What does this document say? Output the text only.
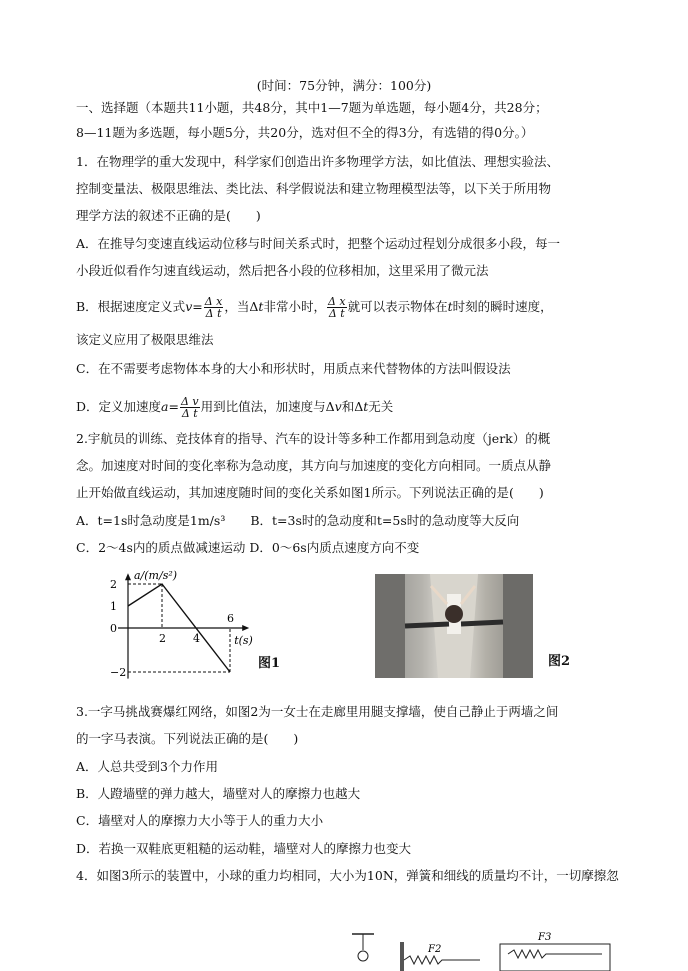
(时间：75分钟，满分：100分)
一、选择题（本题共11小题，共48分，其中1—7题为单选题，每小题4分，共28分；
8—11题为多选题，每小题5分，共20分，选对但不全的得3分，有选错的得0分。）
1．在物理学的重大发现中，科学家们创造出许多物理学方法，如比值法、理想实验法、
控制变量法、极限思维法、类比法、科学假说法和建立物理模型法等，以下关于所用物
理学方法的叙述不正确的是(　　)
A．在推导匀变速直线运动位移与时间关系式时，把整个运动过程划分成很多小段，每一
小段近似看作匀速直线运动，然后把各小段的位移相加，这里采用了微元法
B．根据速度定义式$v= \frac{\text{Δ x}}{\text{Δ t}}$ ，当Δt非常小时， $\frac{\text{Δ x}}{\text{Δ t}}$ 就可以表示物体在t时刻的瞬时速度，
该定义应用了极限思维法
C．在不需要考虑物体本身的大小和形状时，用质点来代替物体的方法叫假设法
D．定义加速度$a= \frac{\text{Δ v}}{\text{Δ t}}$ 用到比值法，加速度与Δv和Δt无关
2.宇航员的训练、竞技体育的指导、汽车的设计等多种工作都用到急动度（jerk）的概
念。加速度对时间的变化率称为急动度，其方向与加速度的变化方向相同。一质点从静
止开始做直线运动，其加速度随时间的变化关系如图1所示。下列说法正确的是(　　)
A．t=1s时急动度是1m/s³　　B．t=3s时的急动度和t=5s时的急动度等大反向
C．2～4s内的质点做减速运动 D．0～6s内质点速度方向不变
a/(m/s²)
t(s)
2
1
0
−2
2 4
6
图1	图2
3.一字马挑战赛爆红网络，如图2为一女士在走廊里用腿支撑墙，使自己静止于两墙之间
的一字马表演。下列说法正确的是(　　)
A．人总共受到3个力作用
B．人蹬墙壁的弹力越大，墙壁对人的摩擦力也越大
C．墙壁对人的摩擦力大小等于人的重力大小
D．若换一双鞋底更粗糙的运动鞋，墙壁对人的摩擦力也变大
4．如图3所示的装置中，小球的重力均相同，大小为10N，弹簧和细线的质量均不计，一切摩擦忽
F2
F3
